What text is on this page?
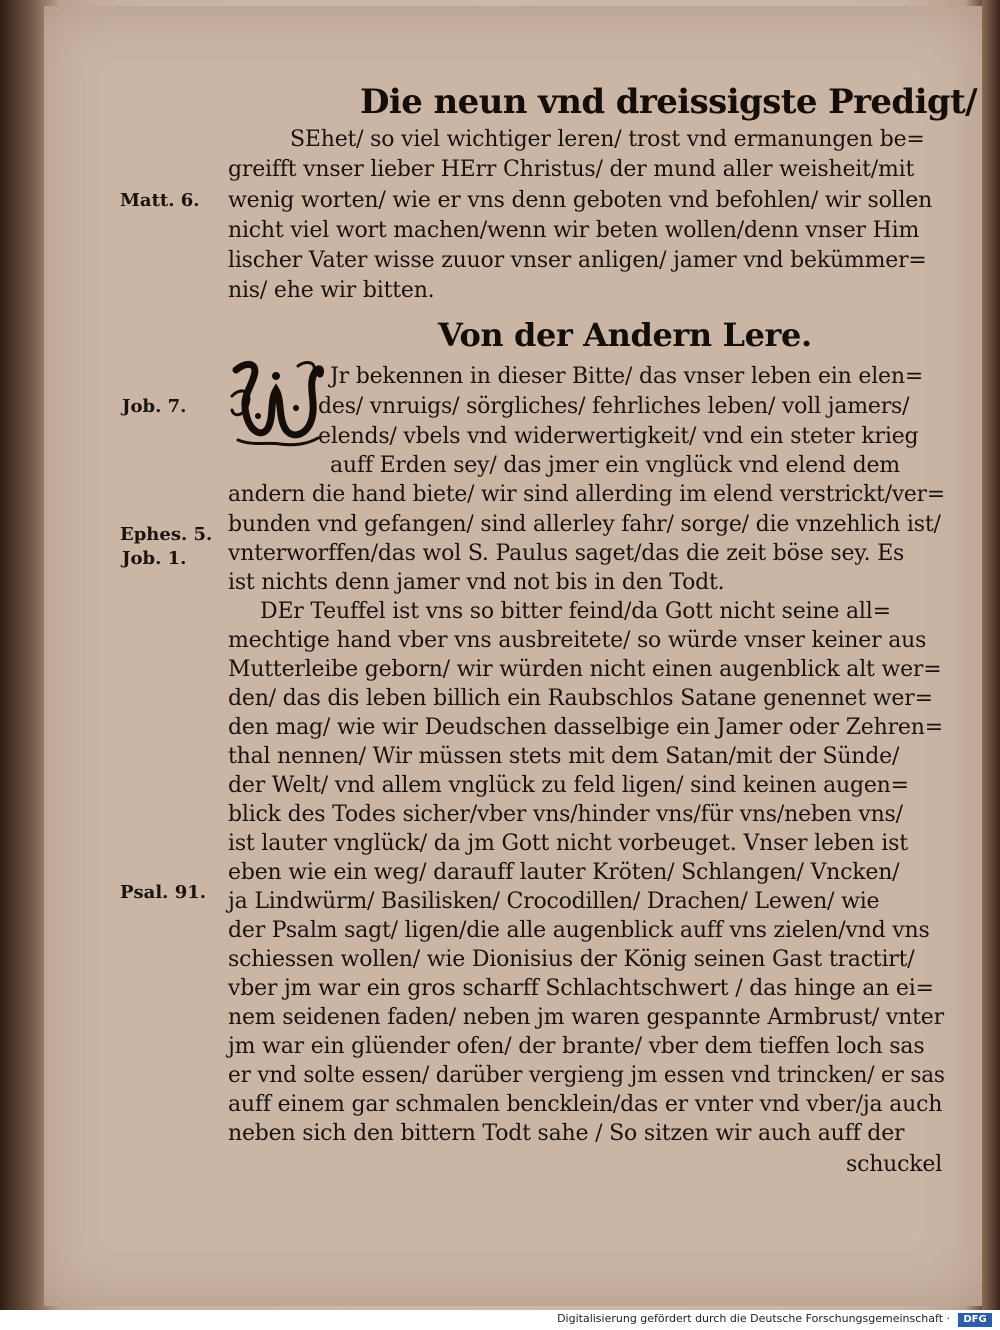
Die neun vnd dreissigste Predigt/
SEhet/ so viel wichtiger leren/ trost vnd ermanungen be=
greifft vnser lieber HErr Christus/ der mund aller weisheit/mit
wenig worten/ wie er vns denn geboten vnd befohlen/ wir sollen
nicht viel wort machen/wenn wir beten wollen/denn vnser Him
lischer Vater wisse zuuor vnser anligen/ jamer vnd bekümmer=
nis/ ehe wir bitten.
Von der Andern Lere.
Jr bekennen in dieser Bitte/ das vnser leben ein elen=
des/ vnruigs/ sörgliches/ fehrliches leben/ voll jamers/
elends/ vbels vnd widerwertigkeit/ vnd ein steter krieg
auff Erden sey/ das jmer ein vnglück vnd elend dem
andern die hand biete/ wir sind allerding im elend verstrickt/ver=
bunden vnd gefangen/ sind allerley fahr/ sorge/ die vnzehlich ist/
vnterworffen/das wol S. Paulus saget/das die zeit böse sey. Es
ist nichts denn jamer vnd not bis in den Todt.
DEr Teuffel ist vns so bitter feind/da Gott nicht seine all=
mechtige hand vber vns ausbreitete/ so würde vnser keiner aus
Mutterleibe geborn/ wir würden nicht einen augenblick alt wer=
den/ das dis leben billich ein Raubschlos Satane genennet wer=
den mag/ wie wir Deudschen dasselbige ein Jamer oder Zehren=
thal nennen/ Wir müssen stets mit dem Satan/mit der Sünde/
der Welt/ vnd allem vnglück zu feld ligen/ sind keinen augen=
blick des Todes sicher/vber vns/hinder vns/für vns/neben vns/
ist lauter vnglück/ da jm Gott nicht vorbeuget. Vnser leben ist
eben wie ein weg/ darauff lauter Kröten/ Schlangen/ Vncken/
ja Lindwürm/ Basilisken/ Crocodillen/ Drachen/ Lewen/ wie
der Psalm sagt/ ligen/die alle augenblick auff vns zielen/vnd vns
schiessen wollen/ wie Dionisius der König seinen Gast tractirt/
vber jm war ein gros scharff Schlachtschwert / das hinge an ei=
nem seidenen faden/ neben jm waren gespannte Armbrust/ vnter
jm war ein glüender ofen/ der brante/ vber dem tieffen loch sas
er vnd solte essen/ darüber vergieng jm essen vnd trincken/ er sas
auff einem gar schmalen bencklein/das er vnter vnd vber/ja auch
neben sich den bittern Todt sahe / So sitzen wir auch auff der
schuckel
Matt. 6.
Job. 7.
Ephes. 5.
Job. 1.
Psal. 91.
Digitalisierung gefördert durch die Deutsche Forschungsgemeinschaft ·	DFG
